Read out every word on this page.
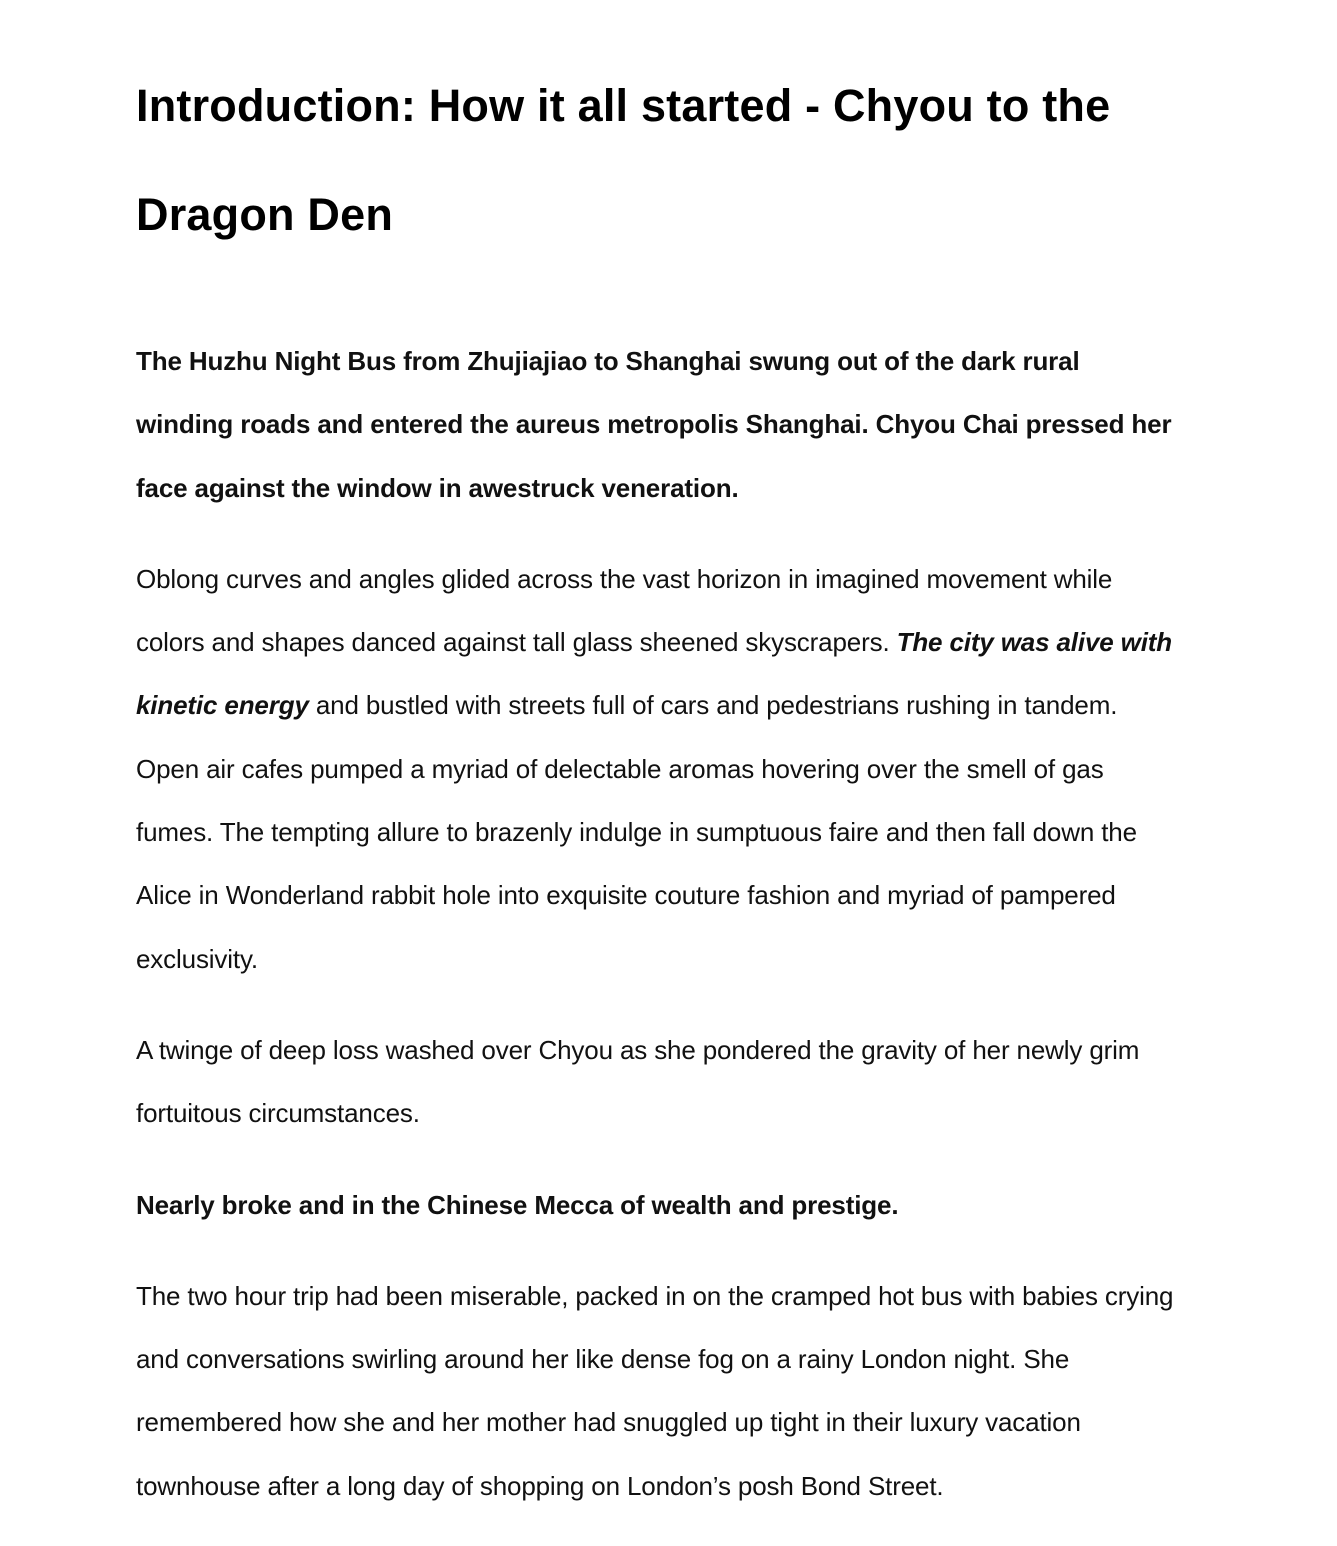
Introduction: How it all started - Chyou to the
Dragon Den

The Huzhu Night Bus from Zhujiajiao to Shanghai swung out of the dark rural
winding roads and entered the aureus metropolis Shanghai. Chyou Chai pressed her
face against the window in awestruck veneration.

Oblong curves and angles glided across the vast horizon in imagined movement while
colors and shapes danced against tall glass sheened skyscrapers. The city was alive with
kinetic energy and bustled with streets full of cars and pedestrians rushing in tandem.
Open air cafes pumped a myriad of delectable aromas hovering over the smell of gas
fumes. The tempting allure to brazenly indulge in sumptuous faire and then fall down the
Alice in Wonderland rabbit hole into exquisite couture fashion and myriad of pampered
exclusivity.

A twinge of deep loss washed over Chyou as she pondered the gravity of her newly grim
fortuitous circumstances.

Nearly broke and in the Chinese Mecca of wealth and prestige.

The two hour trip had been miserable, packed in on the cramped hot bus with babies crying
and conversations swirling around her like dense fog on a rainy London night. She
remembered how she and her mother had snuggled up tight in their luxury vacation
townhouse after a long day of shopping on London’s posh Bond Street.
